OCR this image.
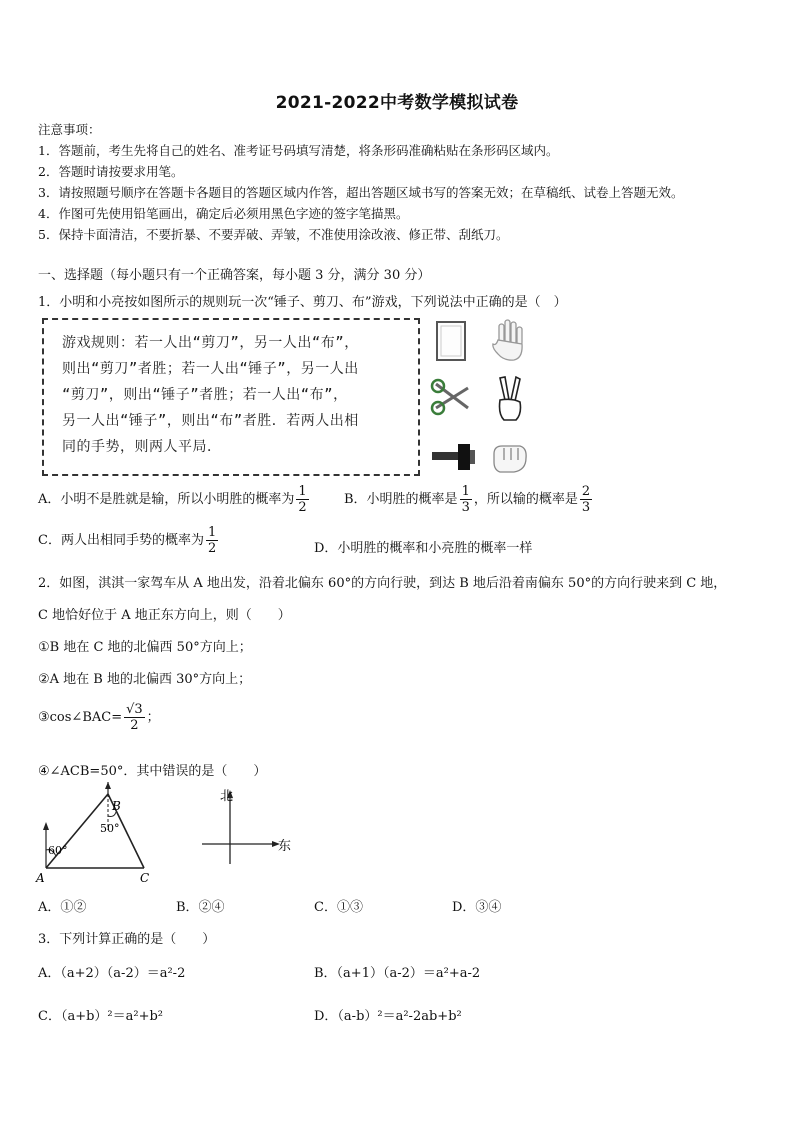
2021-2022中考数学模拟试卷
注意事项：
1．答题前，考生先将自己的姓名、准考证号码填写清楚，将条形码准确粘贴在条形码区域内。
2．答题时请按要求用笔。
3．请按照题号顺序在答题卡各题目的答题区域内作答，超出答题区域书写的答案无效；在草稿纸、试卷上答题无效。
4．作图可先使用铅笔画出，确定后必须用黑色字迹的签字笔描黑。
5．保持卡面清洁，不要折暴、不要弄破、弄皱，不准使用涂改液、修正带、刮纸刀。
一、选择题（每小题只有一个正确答案，每小题 3 分，满分 30 分）
1．小明和小亮按如图所示的规则玩一次“锤子、剪刀、布”游戏，下列说法中正确的是（　）
游戏规则：若一人出“剪刀”，另一人出“布”，
则出“剪刀”者胜；若一人出“锤子”，另一人出
“剪刀”，则出“锤子”者胜；若一人出“布”，
另一人出“锤子”，则出“布”者胜．若两人出相
同的手势，则两人平局．
A．小明不是胜就是输，所以小明胜的概率为 $\frac{1}{2}$	B．小明胜的概率是 $\frac{1}{3}$ ，所以输的概率是 $\frac{2}{3}$
C．两人出相同手势的概率为 $\frac{1}{2}$	D．小明胜的概率和小亮胜的概率一样
2．如图，淇淇一家驾车从 A 地出发，沿着北偏东 60°的方向行驶，到达 B 地后沿着南偏东 50°的方向行驶来到 C 地，
C 地恰好位于 A 地正东方向上，则（　　）
①B 地在 C 地的北偏西 50°方向上；
②A 地在 B 地的北偏西 30°方向上；
③cos∠BAC= $\frac{√3}{2}$ ；
④∠ACB=50°．其中错误的是（　　）
B
60°
50°
A	C
北
东
A．①②	B．②④	C．①③	D．③④
3．下列计算正确的是（　　）
A．（a+2）（a-2）＝a²-2	B．（a+1）（a-2）＝a²+a-2
C．（a+b）²＝a²+b²	D．（a-b）²＝a²-2ab+b²
